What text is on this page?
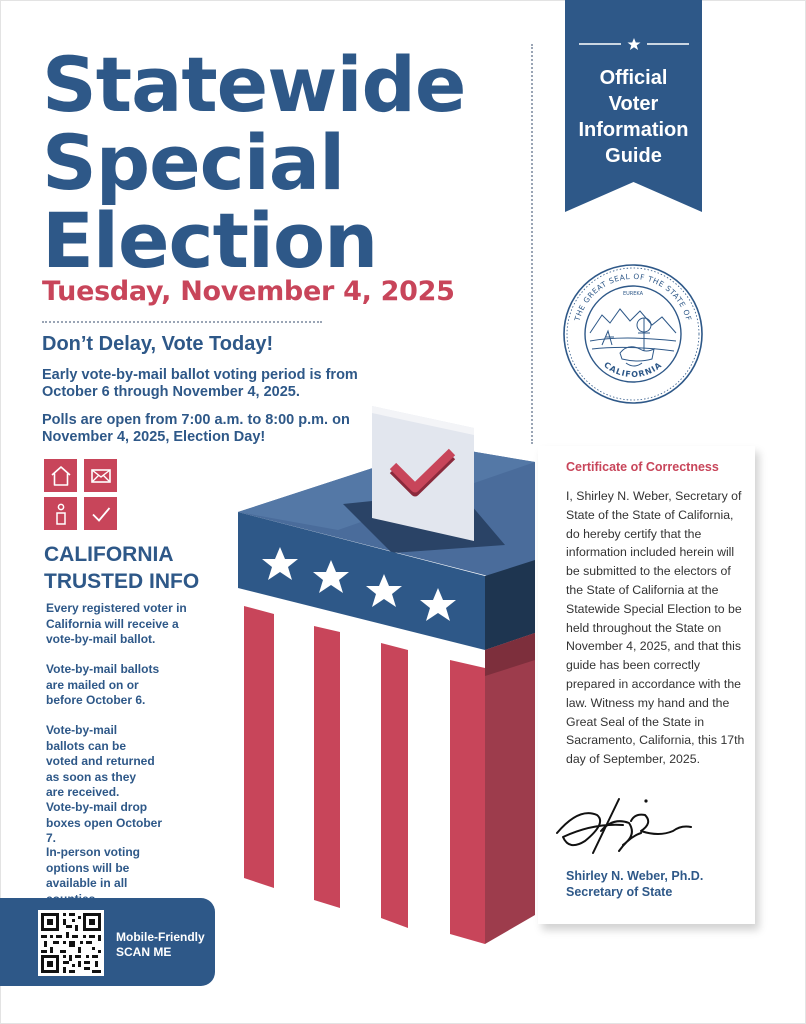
Statewide
Special
Election
Tuesday, November 4, 2025
Don’t Delay, Vote Today!
Early vote-by-mail ballot voting period is from October 6 through November 4, 2025.
Polls are open from 7:00 a.m. to 8:00 p.m. on November 4, 2025, Election Day!
CALIFORNIA
TRUSTED INFO
Every registered voter in California will receive a vote-by-mail ballot.
Vote-by-mail ballots are mailed on or before October 6.
Vote-by-mail ballots can be voted and returned as soon as they are received.
Vote-by-mail drop boxes open October 7.
In-person voting options will be available in all
Mobile-Friendly
SCAN ME
Official
Voter
Information
Guide
THE GREAT SEAL OF THE STATE OF
CALIFORNIA
EUREKA
Certificate of Correctness
I, Shirley N. Weber, Secretary of State of the State of California, do hereby certify that the information included herein will be submitted to the electors of the State of California at the Statewide Special Election to be held throughout the State on November 4, 2025, and that this guide has been correctly prepared in accordance with the law. Witness my hand and the Great Seal of the State in Sacramento, California, this 17th day of September, 2025.
Shirley N. Weber, Ph.D.
Secretary of State
